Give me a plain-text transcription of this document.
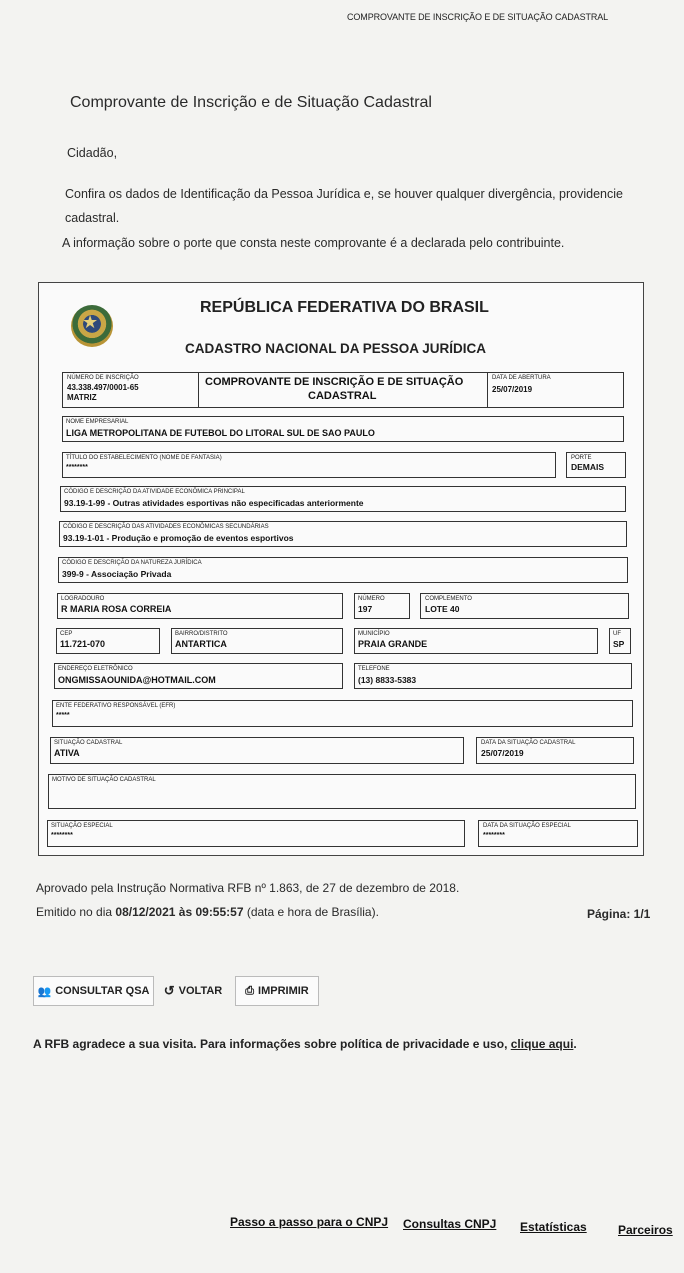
COMPROVANTE DE INSCRIÇÃO E DE SITUAÇÃO CADASTRAL
Comprovante de Inscrição e de Situação Cadastral
Cidadão,
Confira os dados de Identificação da Pessoa Jurídica e, se houver qualquer divergência, providencie
cadastral.
A informação sobre o porte que consta neste comprovante é a declarada pelo contribuinte.
★
REPÚBLICA FEDERATIVA DO BRASIL
CADASTRO NACIONAL DA PESSOA JURÍDICA
NÚMERO DE INSCRIÇÃO
43.338.497/0001-65
MATRIZ
COMPROVANTE DE INSCRIÇÃO E DE SITUAÇÃO
CADASTRAL
DATA DE ABERTURA
25/07/2019
NOME EMPRESARIAL
LIGA METROPOLITANA DE FUTEBOL DO LITORAL SUL DE SAO PAULO
TÍTULO DO ESTABELECIMENTO (NOME DE FANTASIA)
********
PORTE
DEMAIS
CÓDIGO E DESCRIÇÃO DA ATIVIDADE ECONÔMICA PRINCIPAL
93.19-1-99 - Outras atividades esportivas não especificadas anteriormente
CÓDIGO E DESCRIÇÃO DAS ATIVIDADES ECONÔMICAS SECUNDÁRIAS
93.19-1-01 - Produção e promoção de eventos esportivos
CÓDIGO E DESCRIÇÃO DA NATUREZA JURÍDICA
399-9 - Associação Privada
LOGRADOURO
R MARIA ROSA CORREIA
NÚMERO
197
COMPLEMENTO
LOTE 40
CEP
11.721-070
BAIRRO/DISTRITO
ANTARTICA
MUNICÍPIO
PRAIA GRANDE
UF
SP
ENDEREÇO ELETRÔNICO
ONGMISSAOUNIDA@HOTMAIL.COM
TELEFONE
(13) 8833-5383
ENTE FEDERATIVO RESPONSÁVEL (EFR)
*****
SITUAÇÃO CADASTRAL
ATIVA
DATA DA SITUAÇÃO CADASTRAL
25/07/2019
MOTIVO DE SITUAÇÃO CADASTRAL
SITUAÇÃO ESPECIAL
********
DATA DA SITUAÇÃO ESPECIAL
********
Aprovado pela Instrução Normativa RFB nº 1.863, de 27 de dezembro de 2018.
Emitido no dia 08/12/2021 às 09:55:57 (data e hora de Brasília).	Página: 1/1
👥 CONSULTAR QSA ↺ VOLTAR ⎙ IMPRIMIR
A RFB agradece a sua visita. Para informações sobre política de privacidade e uso, clique aqui.
Passo a passo para o CNPJ Consultas CNPJ Estatísticas	Parceiros
